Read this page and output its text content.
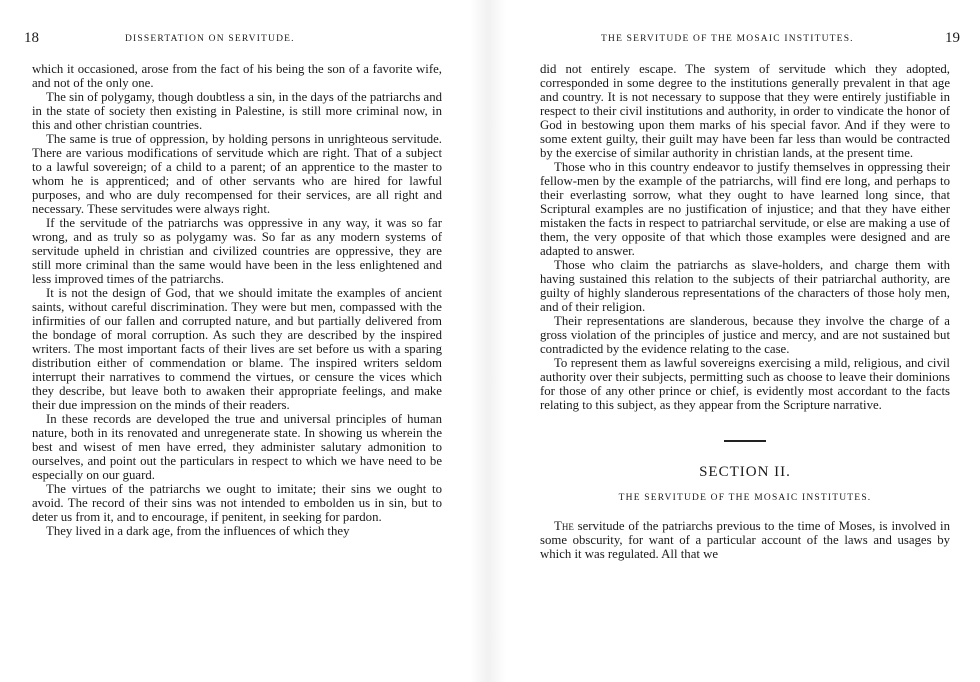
18	DISSERTATION ON SERVITUDE.

which it occasioned, arose from the fact of his being the son of a favorite wife, and not of the only one.

The sin of polygamy, though doubtless a sin, in the days of the patriarchs and in the state of society then existing in Palestine, is still more criminal now, in this and other christian countries.

The same is true of oppression, by holding persons in unrighteous servitude. There are various modifications of servitude which are right. That of a subject to a lawful sovereign; of a child to a parent; of an apprentice to the master to whom he is apprenticed; and of other servants who are hired for lawful purposes, and who are duly recompensed for their services, are all right and necessary. These servitudes were always right.

If the servitude of the patriarchs was oppressive in any way, it was so far wrong, and as truly so as polygamy was. So far as any modern systems of servitude upheld in christian and civilized countries are oppressive, they are still more criminal than the same would have been in the less enlightened and less improved times of the patriarchs.

It is not the design of God, that we should imitate the examples of ancient saints, without careful discrimination. They were but men, compassed with the infirmities of our fallen and corrupted nature, and but partially delivered from the bondage of moral corruption. As such they are described by the inspired writers. The most important facts of their lives are set before us with a sparing distribution either of commendation or blame. The inspired writers seldom interrupt their narratives to commend the virtues, or censure the vices which they describe, but leave both to awaken their appropriate feelings, and make their due impression on the minds of their readers.

In these records are developed the true and universal principles of human nature, both in its renovated and unregenerate state. In showing us wherein the best and wisest of men have erred, they administer salutary admonition to ourselves, and point out the particulars in respect to which we have need to be especially on our guard.

The virtues of the patriarchs we ought to imitate; their sins we ought to avoid. The record of their sins was not intended to embolden us in sin, but to deter us from it, and to encourage, if penitent, in seeking for pardon.

They lived in a dark age, from the influences of which they

THE SERVITUDE OF THE MOSAIC INSTITUTES.	19

did not entirely escape. The system of servitude which they adopted, corresponded in some degree to the institutions generally prevalent in that age and country. It is not necessary to suppose that they were entirely justifiable in respect to their civil institutions and authority, in order to vindicate the honor of God in bestowing upon them marks of his special favor. And if they were to some extent guilty, their guilt may have been far less than would be contracted by the exercise of similar authority in christian lands, at the present time.

Those who in this country endeavor to justify themselves in oppressing their fellow-men by the example of the patriarchs, will find ere long, and perhaps to their everlasting sorrow, what they ought to have learned long since, that Scriptural examples are no justification of injustice; and that they have either mistaken the facts in respect to patriarchal servitude, or else are making a use of them, the very opposite of that which those examples were designed and are adapted to answer.

Those who claim the patriarchs as slave-holders, and charge them with having sustained this relation to the subjects of their patriarchal authority, are guilty of highly slanderous representations of the characters of those holy men, and of their religion.

Their representations are slanderous, because they involve the charge of a gross violation of the principles of justice and mercy, and are not sustained but contradicted by the evidence relating to the case.

To represent them as lawful sovereigns exercising a mild, religious, and civil authority over their subjects, permitting such as choose to leave their dominions for those of any other prince or chief, is evidently most accordant to the facts relating to this subject, as they appear from the Scripture narrative.

SECTION II.
THE SERVITUDE OF THE MOSAIC INSTITUTES.

The servitude of the patriarchs previous to the time of Moses, is involved in some obscurity, for want of a particular account of the laws and usages by which it was regulated. All that we
